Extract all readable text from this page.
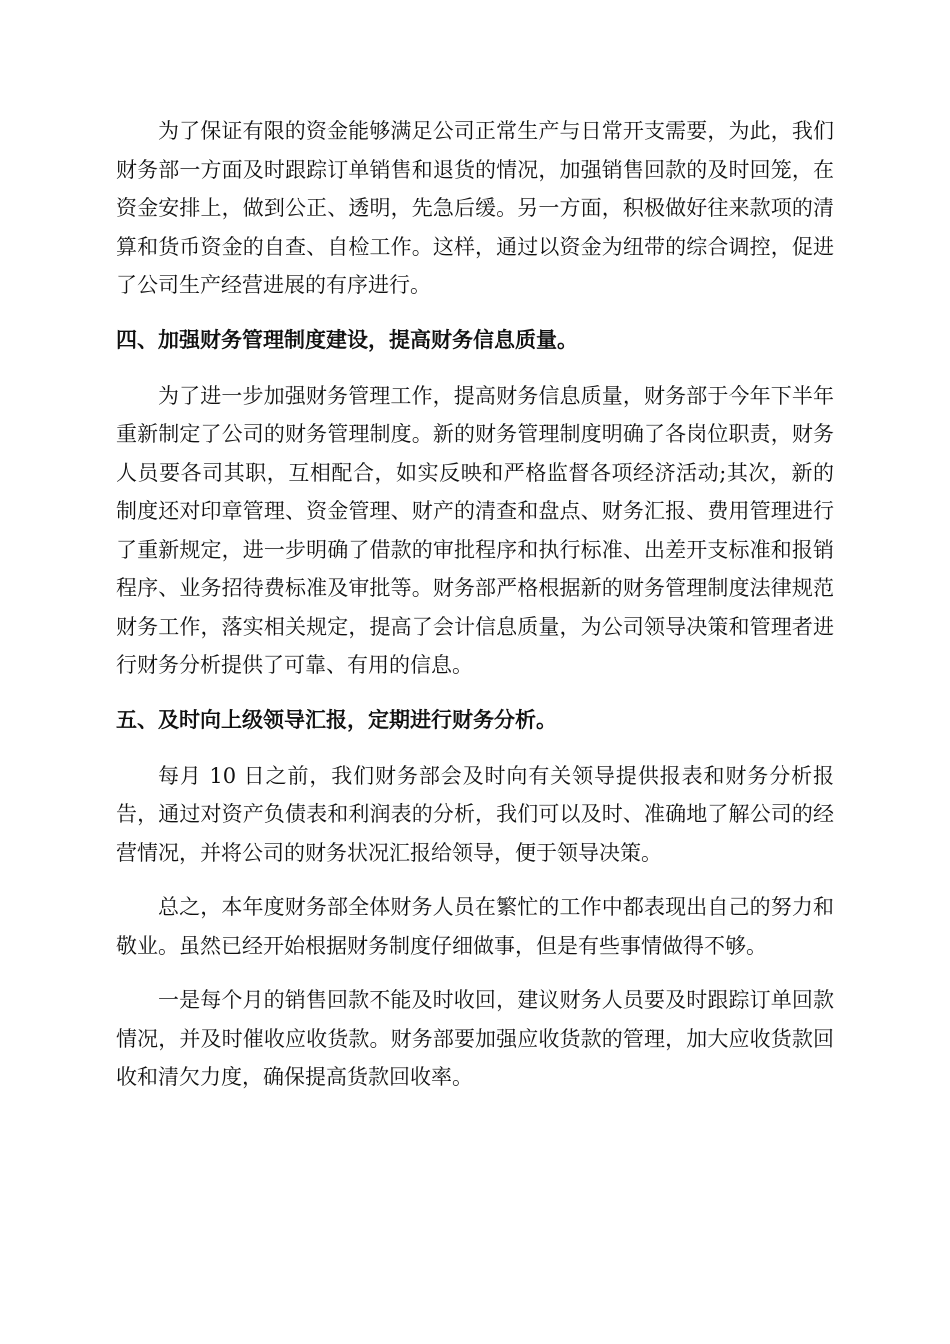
为了保证有限的资金能够满足公司正常生产与日常开支需要，为此，我们财务部一方面及时跟踪订单销售和退货的情况，加强销售回款的及时回笼，在资金安排上，做到公正、透明，先急后缓。另一方面，积极做好往来款项的清算和货币资金的自查、自检工作。这样，通过以资金为纽带的综合调控，促进了公司生产经营进展的有序进行。

四、加强财务管理制度建设，提高财务信息质量。

为了进一步加强财务管理工作，提高财务信息质量，财务部于今年下半年重新制定了公司的财务管理制度。新的财务管理制度明确了各岗位职责，财务人员要各司其职，互相配合，如实反映和严格监督各项经济活动;其次，新的制度还对印章管理、资金管理、财产的清查和盘点、财务汇报、费用管理进行了重新规定，进一步明确了借款的审批程序和执行标准、出差开支标准和报销程序、业务招待费标准及审批等。财务部严格根据新的财务管理制度法律规范财务工作，落实相关规定，提高了会计信息质量，为公司领导决策和管理者进行财务分析提供了可靠、有用的信息。

五、及时向上级领导汇报，定期进行财务分析。

每月 10 日之前，我们财务部会及时向有关领导提供报表和财务分析报告，通过对资产负债表和利润表的分析，我们可以及时、准确地了解公司的经营情况，并将公司的财务状况汇报给领导，便于领导决策。

总之，本年度财务部全体财务人员在繁忙的工作中都表现出自己的努力和敬业。虽然已经开始根据财务制度仔细做事，但是有些事情做得不够。

一是每个月的销售回款不能及时收回，建议财务人员要及时跟踪订单回款情况，并及时催收应收货款。财务部要加强应收货款的管理，加大应收货款回收和清欠力度，确保提高货款回收率。
